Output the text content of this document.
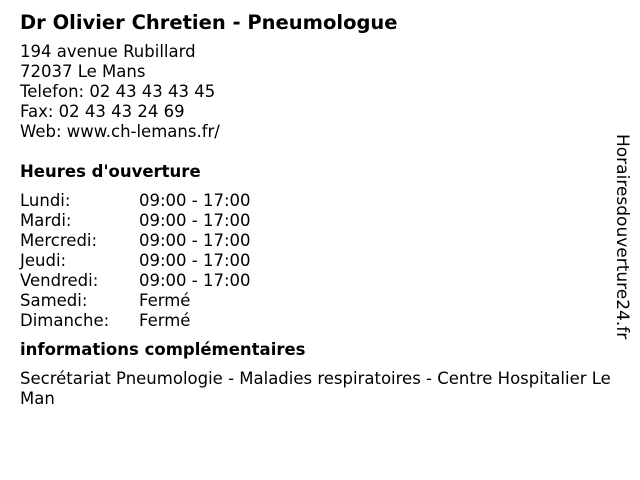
Dr Olivier Chretien - Pneumologue
194 avenue Rubillard
72037 Le Mans
Telefon: 02 43 43 43 45
Fax: 02 43 43 24 69
Web: www.ch-lemans.fr/
Heures d'ouverture
Lundi:	09:00 - 17:00
Mardi:	09:00 - 17:00
Mercredi:	09:00 - 17:00
Jeudi:	09:00 - 17:00
Vendredi: 09:00 - 17:00
Samedi:	Fermé
Dimanche: Fermé
informations complémentaires
Secrétariat Pneumologie - Maladies respiratoires - Centre Hospitalier Le Man
Horairesdouverture24.fr
